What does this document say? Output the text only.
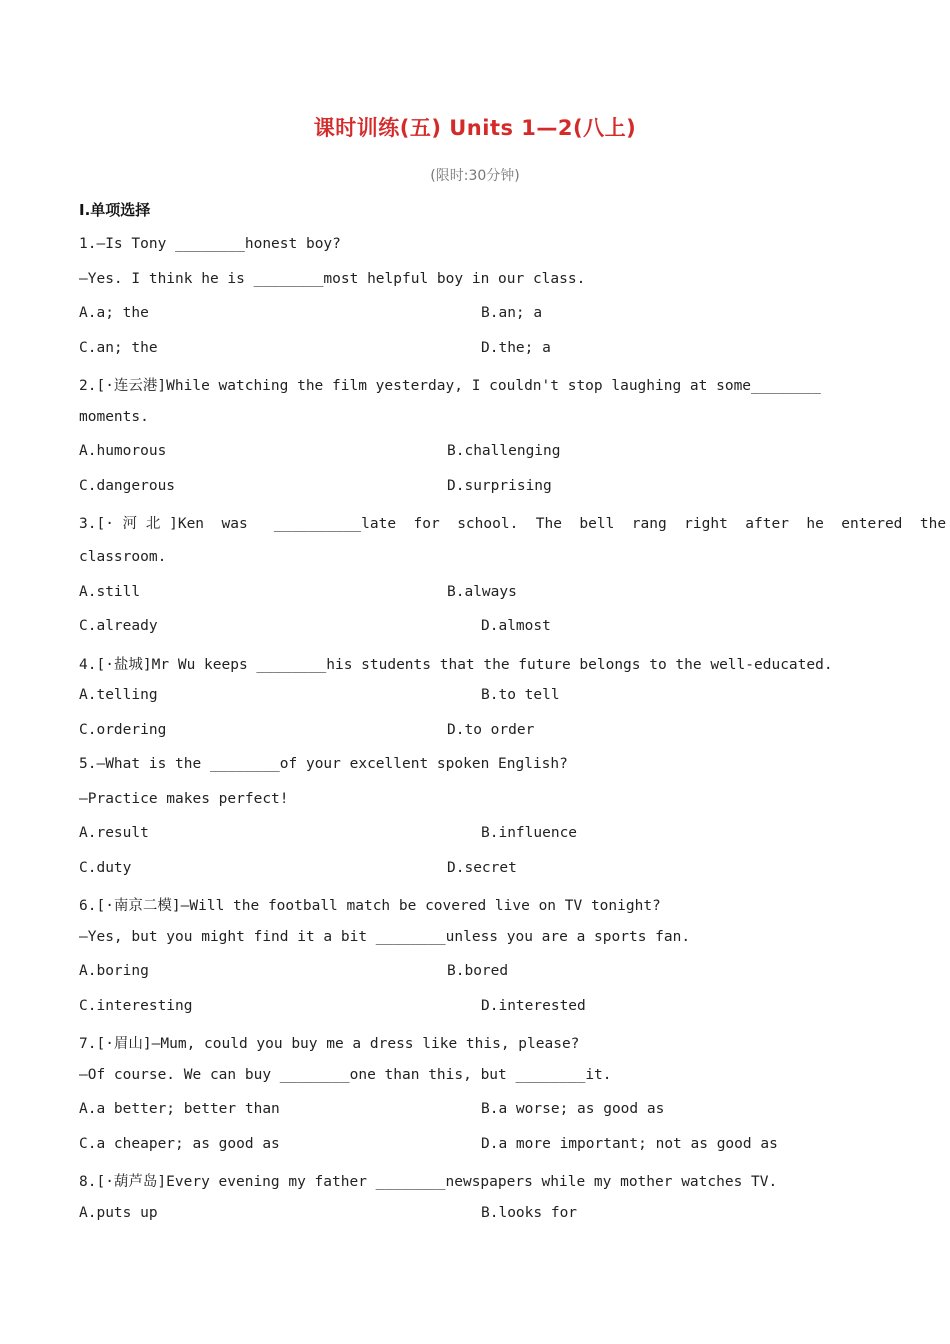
课时训练(五) Units 1—2(八上)
(限时:30分钟)
Ⅰ.单项选择
1.—Is Tony ________honest boy?
—Yes. I think he is ________most helpful boy in our class.
A.a; the	B.an; a
C.an; the	D.the; a
2.[·连云港]While watching the film yesterday, I couldn't stop laughing at some________
moments.
A.humorous	B.challenging
C.dangerous	D.surprising
3.[· 河 北 ]Ken  was   __________late  for  school.  The  bell  rang  right  after  he  entered  the
classroom.
A.still	B.always
C.already	D.almost
4.[·盐城]Mr Wu keeps ________his students that the future belongs to the well-educated.
A.telling	B.to tell
C.ordering	D.to order
5.—What is the ________of your excellent spoken English?
—Practice makes perfect!
A.result	B.influence
C.duty	D.secret
6.[·南京二模]—Will the football match be covered live on TV tonight?
—Yes, but you might find it a bit ________unless you are a sports fan.
A.boring	B.bored
C.interesting	D.interested
7.[·眉山]—Mum, could you buy me a dress like this, please?
—Of course. We can buy ________one than this, but ________it.
A.a better; better than	B.a worse; as good as
C.a cheaper; as good as	D.a more important; not as good as
8.[·葫芦岛]Every evening my father ________newspapers while my mother watches TV.
A.puts up	B.looks for
